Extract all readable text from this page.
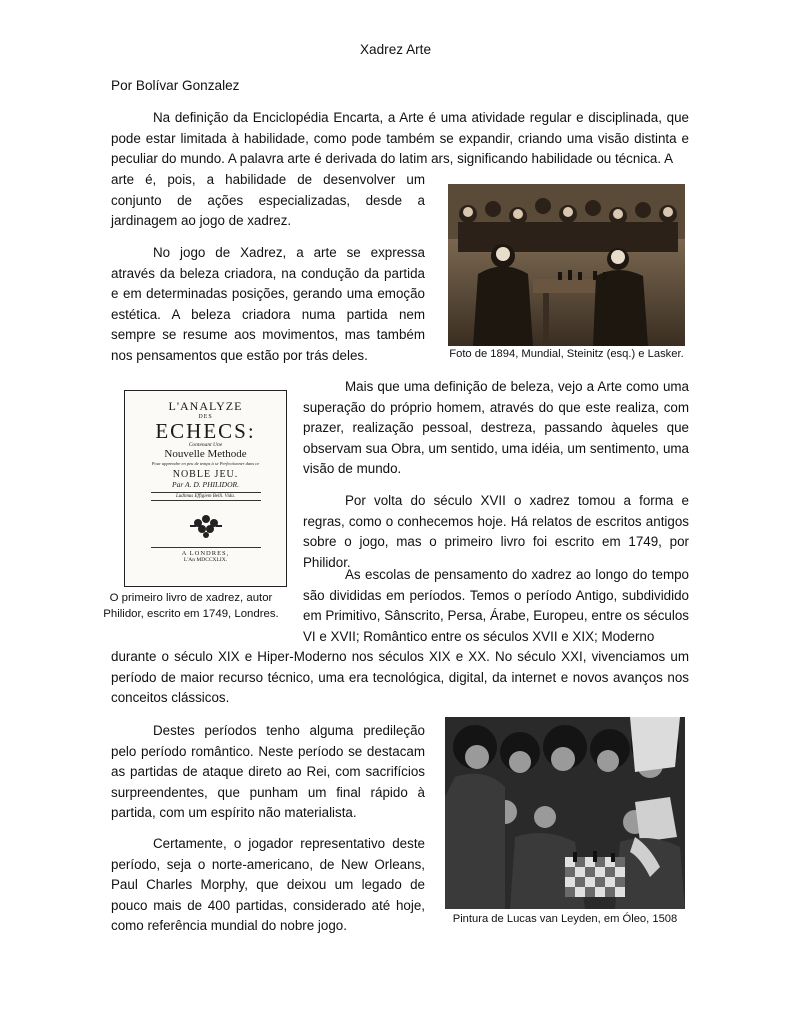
Xadrez Arte
Por Bolívar Gonzalez

Na definição da Enciclopédia Encarta, a Arte é uma atividade regular e disciplinada, que pode estar limitada à habilidade, como pode também se expandir, criando uma visão distinta e peculiar do mundo. A palavra arte é derivada do latim ars, significando habilidade ou técnica. A

arte é, pois, a habilidade de desenvolver um conjunto de ações especializadas, desde a jardinagem ao jogo de xadrez.

No jogo de Xadrez, a arte se expressa através da beleza criadora, na condução da partida e em determinadas posições, gerando uma emoção estética. A beleza criadora numa partida nem sempre se resume aos movimentos, mas também nos pensamentos que estão por trás deles.	Foto de 1894, Mundial, Steinitz (esq.) e Lasker.
L'ANALYZE
DES
ECHECS:
Contenant Une
Nouvelle Methode
Pour apprendre en peu de temps à se Perfectionner dans ce
NOBLE JEU.
Par A. D. PHILIDOR.
Ludimus Effigiem Belli. Vida.
A LONDRES,
L'An MDCCXLIX.
O primeiro livro de xadrez, autor Philidor, escrito em 1749, Londres.

Mais que uma definição de beleza, vejo a Arte como uma superação do próprio homem, através do que este realiza, com prazer, realização pessoal, destreza, passando àqueles que observam sua Obra, um sentido, uma idéia, um sentimento, uma visão de mundo.

Por volta do século XVII o xadrez tomou a forma e regras, como o conhecemos hoje. Há relatos de escritos antigos sobre o jogo, mas o primeiro livro foi escrito em 1749, por Philidor.

As escolas de pensamento do xadrez ao longo do tempo são divididas em períodos. Temos o período Antigo, subdividido em Primitivo, Sânscrito, Persa, Árabe, Europeu, entre os séculos VI e XVII; Romântico entre os séculos XVII e XIX; Moderno

durante o século XIX e Hiper-Moderno nos séculos XIX e XX. No século XXI, vivenciamos um período de maior recurso técnico, uma era tecnológica, digital, da internet e novos avanços nos conceitos clássicos.

Destes períodos tenho alguma predileção pelo período romântico. Neste período se destacam as partidas de ataque direto ao Rei, com sacrifícios surpreendentes, que punham um final rápido à partida, com um espírito não materialista.

Certamente, o jogador representativo deste período, seja o norte-americano, de New Orleans, Paul Charles Morphy, que deixou um legado de pouco mais de 400 partidas, considerado até hoje, como referência mundial do nobre jogo.	Pintura de Lucas van Leyden, em Óleo, 1508
